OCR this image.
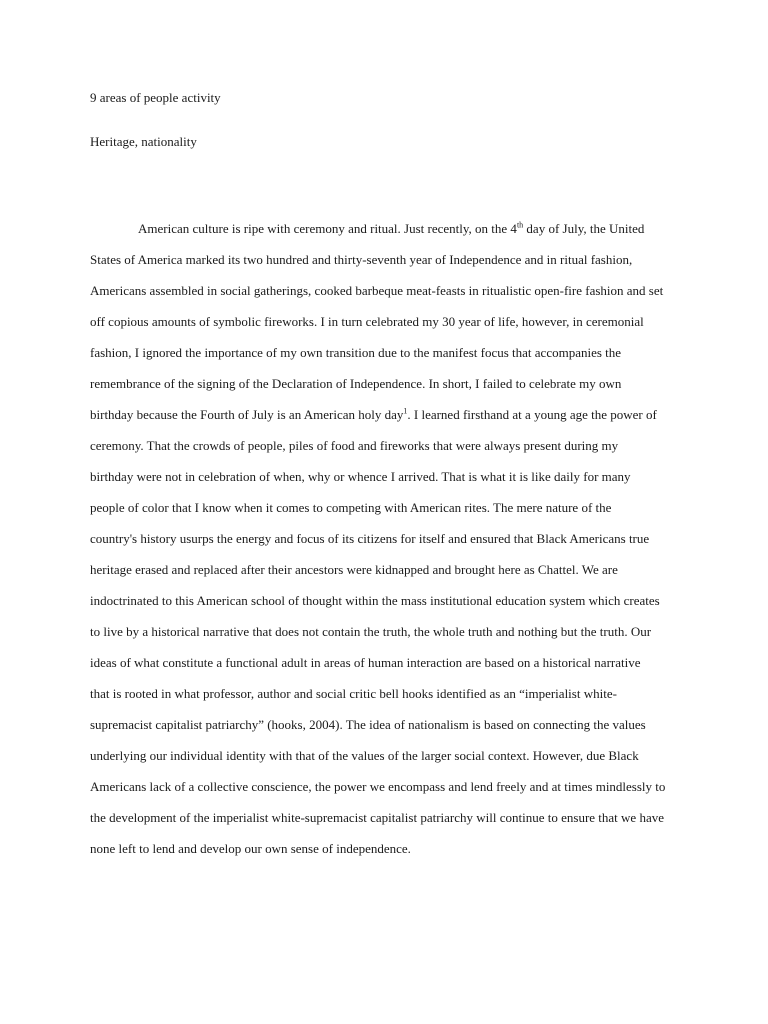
9 areas of people activity
Heritage, nationality
American culture is ripe with ceremony and ritual. Just recently, on the 4th day of July, the United
States of America marked its two hundred and thirty-seventh year of Independence and in ritual fashion,
Americans assembled in social gatherings, cooked barbeque meat-feasts in ritualistic open-fire fashion and set
off copious amounts of symbolic fireworks. I in turn celebrated my 30 year of life, however, in ceremonial
fashion, I ignored the importance of my own transition due to the manifest focus that accompanies the
remembrance of the signing of the Declaration of Independence. In short, I failed to celebrate my own
birthday because the Fourth of July is an American holy day$^1$. I learned firsthand at a young age the power of
ceremony. That the crowds of people, piles of food and fireworks that were always present during my
birthday were not in celebration of when, why or whence I arrived. That is what it is like daily for many
people of color that I know when it comes to competing with American rites. The mere nature of the
country's history usurps the energy and focus of its citizens for itself and ensured that Black Americans true
heritage erased and replaced after their ancestors were kidnapped and brought here as Chattel. We are
indoctrinated to this American school of thought within the mass institutional education system which creates
to live by a historical narrative that does not contain the truth, the whole truth and nothing but the truth. Our
ideas of what constitute a functional adult in areas of human interaction are based on a historical narrative
that is rooted in what professor, author and social critic bell hooks identified as an “imperialist white-
supremacist capitalist patriarchy” (hooks, 2004). The idea of nationalism is based on connecting the values
underlying our individual identity with that of the values of the larger social context. However, due Black
Americans lack of a collective conscience, the power we encompass and lend freely and at times mindlessly to
the development of the imperialist white-supremacist capitalist patriarchy will continue to ensure that we have
none left to lend and develop our own sense of independence.
